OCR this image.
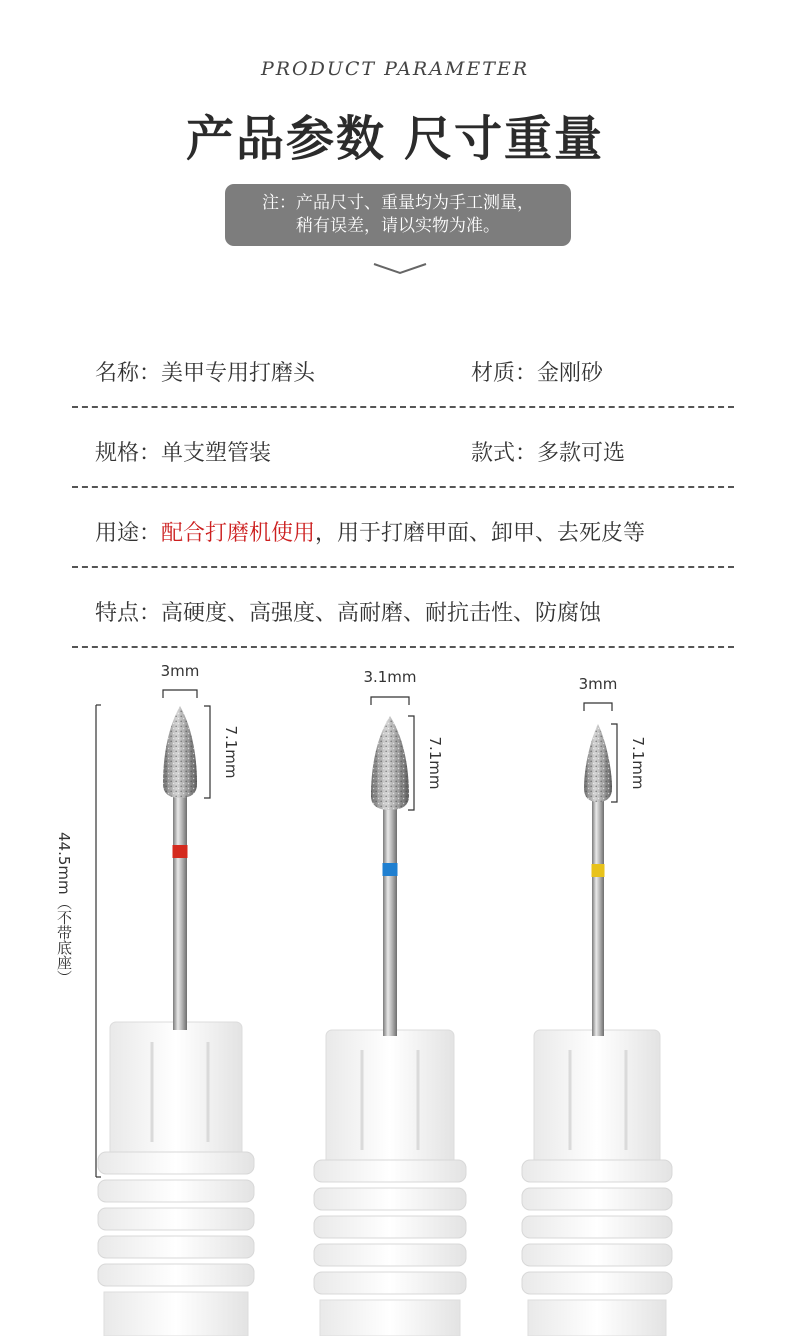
PRODUCT PARAMETER
产品参数 尺寸重量
注：产品尺寸、重量均为手工测量，
稍有误差，请以实物为准。
名称：美甲专用打磨头	材质：金刚砂
规格：单支塑管装	款式：多款可选
用途：配合打磨机使用，用于打磨甲面、卸甲、去死皮等
特点：高硬度、高强度、高耐磨、耐抗击性、防腐蚀
44.5mm（不带底座）
3mm
7.1mm
3.1mm
7.1mm
3mm
7.1mm
